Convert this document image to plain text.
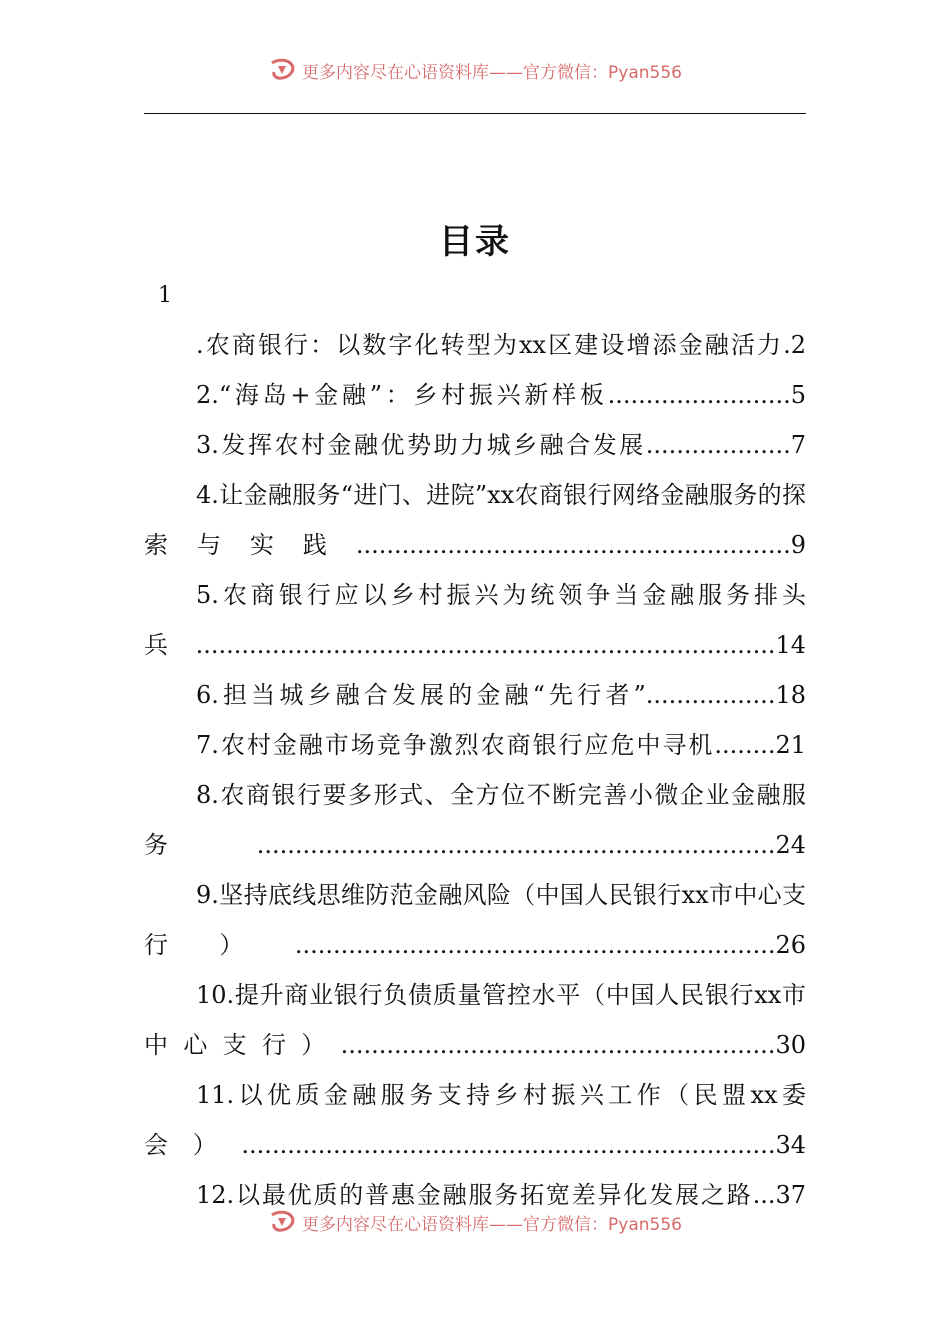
更多内容尽在心语资料库——官方微信：Pyan556
目录
1

.农商银行：以数字化转型为xx区建设增添金融活力.2

2.“海岛+金融”：乡村振兴新样板........................5

3.发挥农村金融优势助力城乡融合发展...................7

4.让金融服务“进门、进院”xx农商银行网络金融服务的探索与实践.........................................................9

5.农商银行应以乡村振兴为统领争当金融服务排头兵............................................................................14

6.担当城乡融合发展的金融“先行者”.................18

7.农村金融市场竞争激烈农商银行应危中寻机........21

8.农商银行要多形式、全方位不断完善小微企业金融服务....................................................................24

9.坚持底线思维防范金融风险（中国人民银行xx市中心支行）...............................................................26

10.提升商业银行负债质量管控水平（中国人民银行xx市中心支行）.........................................................30

11.以优质金融服务支持乡村振兴工作（民盟xx委会）......................................................................34

12.以最优质的普惠金融服务拓宽差异化发展之路...37

更多内容尽在心语资料库——官方微信：Pyan556
